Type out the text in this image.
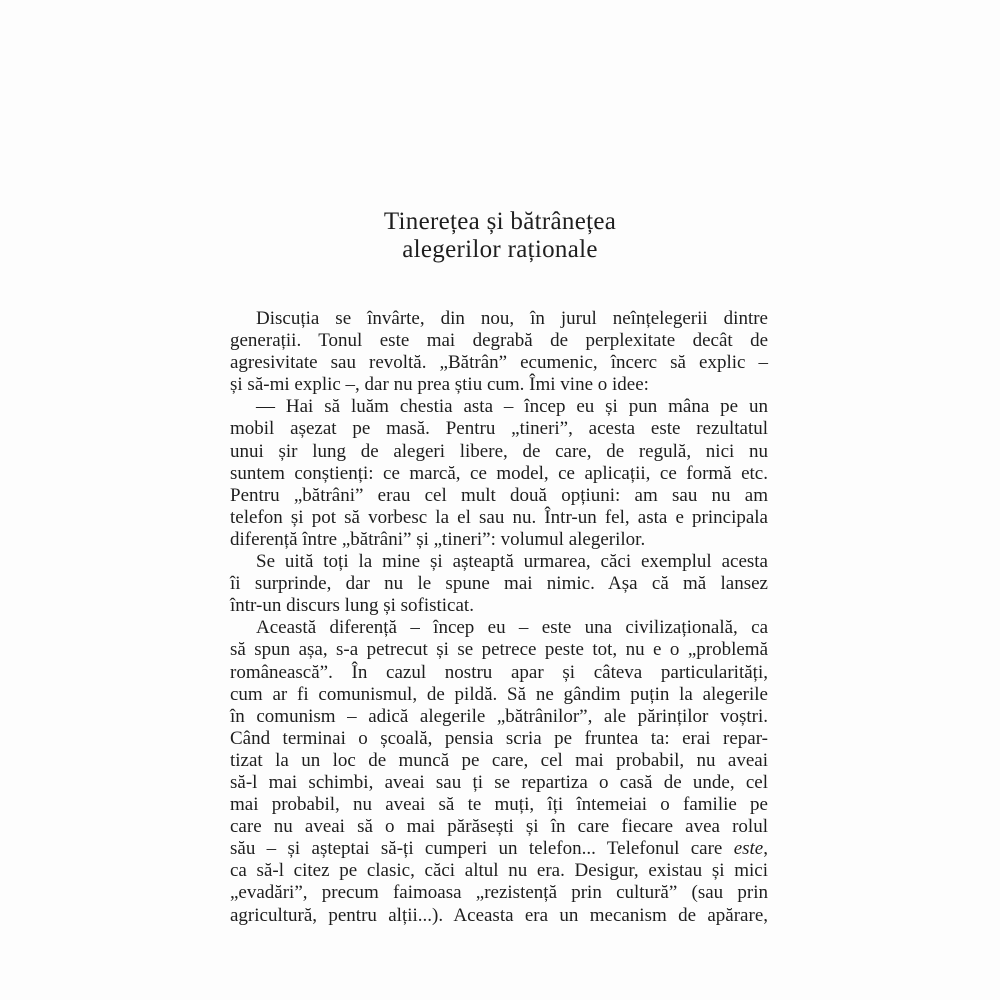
Tinerețea și bătrânețea
alegerilor raționale
Discuția se învârte, din nou, în jurul neînțelegerii dintre
generații. Tonul este mai degrabă de perplexitate decât de
agresivitate sau revoltă. „Bătrân” ecumenic, încerc să explic –
și să-mi explic –, dar nu prea știu cum. Îmi vine o idee:
— Hai să luăm chestia asta – încep eu și pun mâna pe un
mobil așezat pe masă. Pentru „tineri”, acesta este rezultatul
unui șir lung de alegeri libere, de care, de regulă, nici nu
suntem conștienți: ce marcă, ce model, ce aplicații, ce formă etc.
Pentru „bătrâni” erau cel mult două opțiuni: am sau nu am
telefon și pot să vorbesc la el sau nu. Într-un fel, asta e principala
diferență între „bătrâni” și „tineri”: volumul alegerilor.
Se uită toți la mine și așteaptă urmarea, căci exemplul acesta
îi surprinde, dar nu le spune mai nimic. Așa că mă lansez
într-un discurs lung și sofisticat.
Această diferență – încep eu – este una civilizațională, ca
să spun așa, s-a petrecut și se petrece peste tot, nu e o „problemă
românească”. În cazul nostru apar și câteva particularități,
cum ar fi comunismul, de pildă. Să ne gândim puțin la alegerile
în comunism – adică alegerile „bătrânilor”, ale părinților voștri.
Când terminai o școală, pensia scria pe fruntea ta: erai repar-
tizat la un loc de muncă pe care, cel mai probabil, nu aveai
să-l mai schimbi, aveai sau ți se repartiza o casă de unde, cel
mai probabil, nu aveai să te muți, îți întemeiai o familie pe
care nu aveai să o mai părăsești și în care fiecare avea rolul
său – și așteptai să-ți cumperi un telefon... Telefonul care este,
ca să-l citez pe clasic, căci altul nu era. Desigur, existau și mici
„evadări”, precum faimoasa „rezistență prin cultură” (sau prin
agricultură, pentru alții...). Aceasta era un mecanism de apărare,
